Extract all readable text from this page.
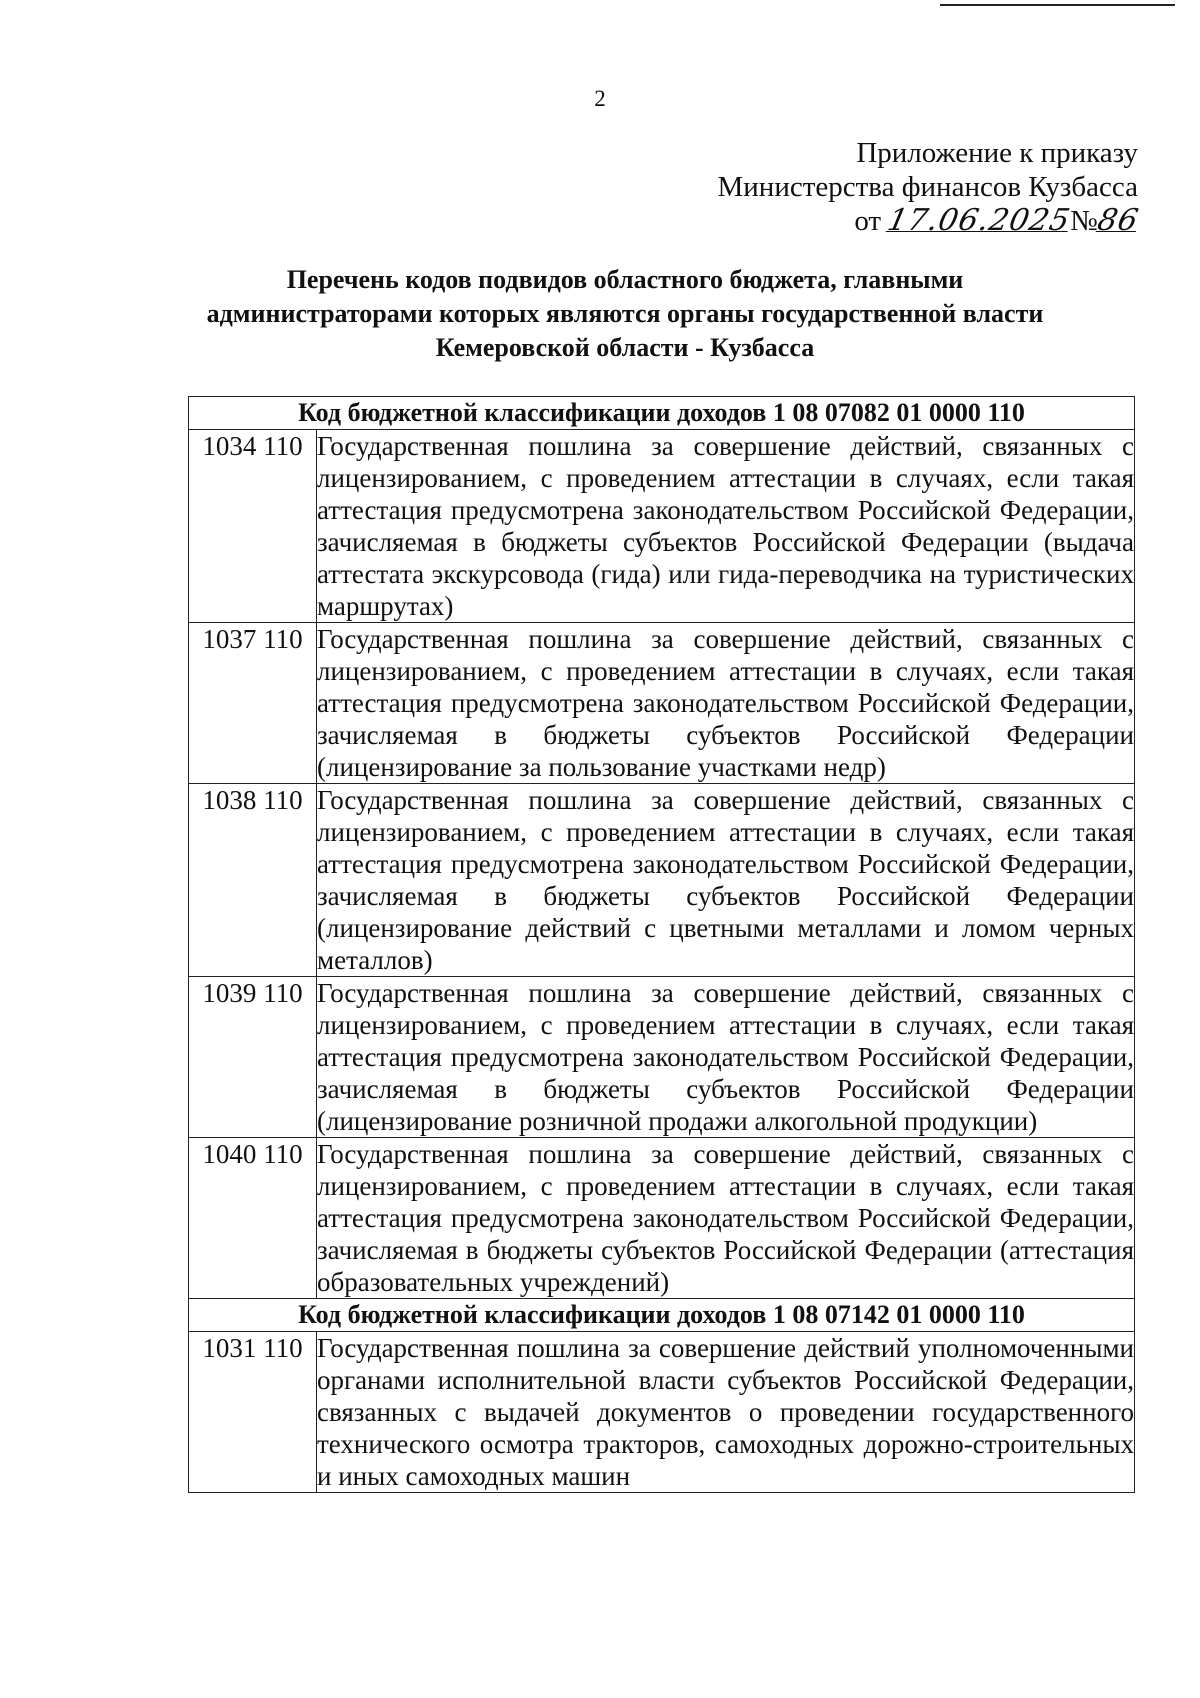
2
Приложение к приказу
Министерства финансов Кузбасса
от 17.06.2025№86
Перечень кодов подвидов областного бюджета, главными
администраторами которых являются органы государственной власти
Кемеровской области - Кузбасса
Код бюджетной классификации доходов 1 08 07082 01 0000 110	
1034 110	Государственная пошлина за совершение действий, связанных с лицензированием, с проведением аттестации в случаях, если такая аттестация предусмотрена законодательством Российской Федерации, зачисляемая в бюджеты субъектов Российской Федерации (выдача аттестата экскурсовода (гида) или гида-переводчика на туристических маршрутах)
1037 110	Государственная пошлина за совершение действий, связанных с лицензированием, с проведением аттестации в случаях, если такая аттестация предусмотрена законодательством Российской Федерации, зачисляемая в бюджеты субъектов Российской Федерации (лицензирование за пользование участками недр)
1038 110	Государственная пошлина за совершение действий, связанных с лицензированием, с проведением аттестации в случаях, если такая аттестация предусмотрена законодательством Российской Федерации, зачисляемая в бюджеты субъектов Российской Федерации (лицензирование действий с цветными металлами и ломом черных металлов)
1039 110	Государственная пошлина за совершение действий, связанных с лицензированием, с проведением аттестации в случаях, если такая аттестация предусмотрена законодательством Российской Федерации, зачисляемая в бюджеты субъектов Российской Федерации (лицензирование розничной продажи алкогольной продукции)
1040 110	Государственная пошлина за совершение действий, связанных с лицензированием, с проведением аттестации в случаях, если такая аттестация предусмотрена законодательством Российской Федерации, зачисляемая в бюджеты субъектов Российской Федерации (аттестация образовательных учреждений)
Код бюджетной классификации доходов 1 08 07142 01 0000 110	
1031 110	Государственная пошлина за совершение действий уполномоченными органами исполнительной власти субъектов Российской Федерации, связанных с выдачей документов о проведении государственного технического осмотра тракторов, самоходных дорожно-строительных и иных самоходных машин
